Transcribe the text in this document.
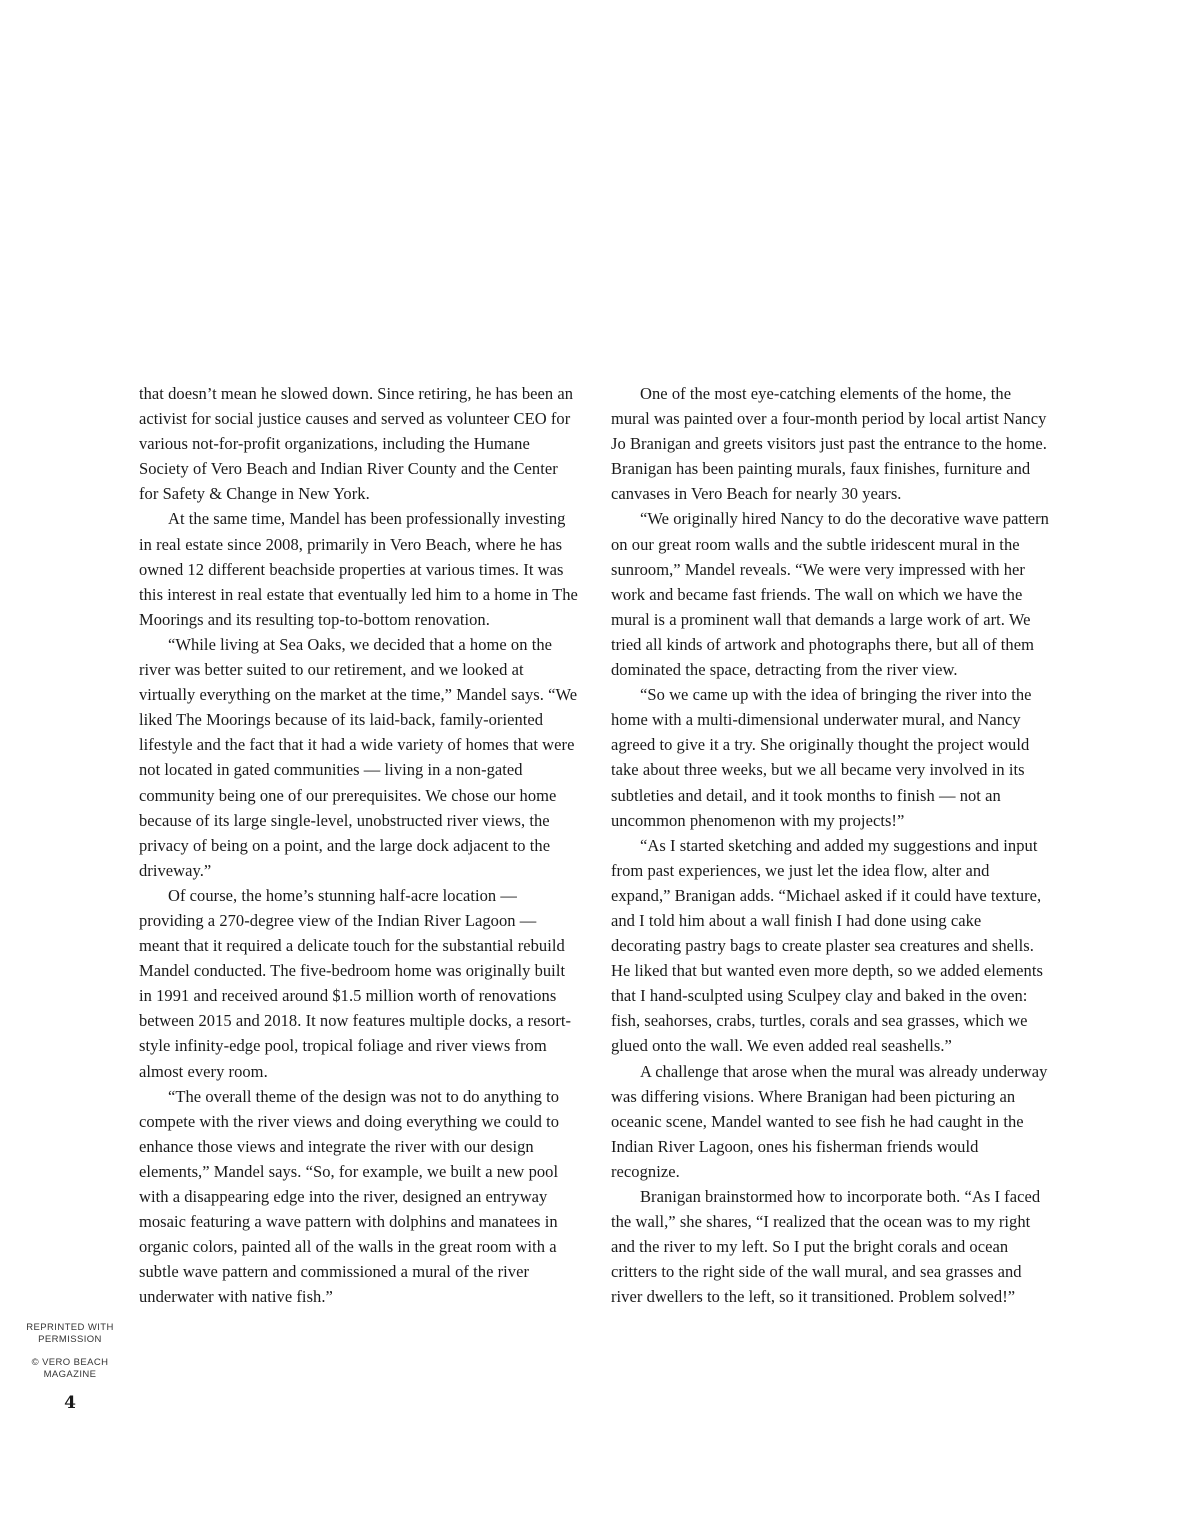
that doesn’t mean he slowed down. Since retiring, he has been an activist for social justice causes and served as volunteer CEO for various not-for-profit organizations, including the Humane Society of Vero Beach and Indian River County and the Center for Safety & Change in New York.

At the same time, Mandel has been professionally investing in real estate since 2008, primarily in Vero Beach, where he has owned 12 different beachside properties at various times. It was this interest in real estate that eventually led him to a home in The Moorings and its resulting top-to-bottom renovation.

“While living at Sea Oaks, we decided that a home on the river was better suited to our retirement, and we looked at virtually everything on the market at the time,” Mandel says. “We liked The Moorings because of its laid-back, family-oriented lifestyle and the fact that it had a wide variety of homes that were not located in gated communities — living in a non-gated community being one of our prerequisites. We chose our home because of its large single-level, unobstructed river views, the privacy of being on a point, and the large dock adjacent to the driveway.”

Of course, the home’s stunning half-acre location — providing a 270-degree view of the Indian River Lagoon — meant that it required a delicate touch for the substantial rebuild Mandel conducted. The five-bedroom home was originally built in 1991 and received around $1.5 million worth of renovations between 2015 and 2018. It now features multiple docks, a resort-style infinity-edge pool, tropical foliage and river views from almost every room.

“The overall theme of the design was not to do anything to compete with the river views and doing everything we could to enhance those views and integrate the river with our design elements,” Mandel says. “So, for example, we built a new pool with a disappearing edge into the river, designed an entryway mosaic featuring a wave pattern with dolphins and manatees in organic colors, painted all of the walls in the great room with a subtle wave pattern and commissioned a mural of the river underwater with native fish.”

One of the most eye-catching elements of the home, the mural was painted over a four-month period by local artist Nancy Jo Branigan and greets visitors just past the entrance to the home. Branigan has been painting murals, faux finishes, furniture and canvases in Vero Beach for nearly 30 years.

“We originally hired Nancy to do the decorative wave pattern on our great room walls and the subtle iridescent mural in the sunroom,” Mandel reveals. “We were very impressed with her work and became fast friends. The wall on which we have the mural is a prominent wall that demands a large work of art. We tried all kinds of artwork and photographs there, but all of them dominated the space, detracting from the river view.

“So we came up with the idea of bringing the river into the home with a multi-dimensional underwater mural, and Nancy agreed to give it a try. She originally thought the project would take about three weeks, but we all became very involved in its subtleties and detail, and it took months to finish — not an uncommon phenomenon with my projects!”

“As I started sketching and added my suggestions and input from past experiences, we just let the idea flow, alter and expand,” Branigan adds. “Michael asked if it could have texture, and I told him about a wall finish I had done using cake decorating pastry bags to create plaster sea creatures and shells. He liked that but wanted even more depth, so we added elements that I hand-sculpted using Sculpey clay and baked in the oven: fish, seahorses, crabs, turtles, corals and sea grasses, which we glued onto the wall. We even added real seashells.”

A challenge that arose when the mural was already underway was differing visions. Where Branigan had been picturing an oceanic scene, Mandel wanted to see fish he had caught in the Indian River Lagoon, ones his fisherman friends would recognize.

Branigan brainstormed how to incorporate both. “As I faced the wall,” she shares, “I realized that the ocean was to my right and the river to my left. So I put the bright corals and ocean critters to the right side of the wall mural, and sea grasses and river dwellers to the left, so it transitioned. Problem solved!”

REPRINTED WITH PERMISSION
© VERO BEACH MAGAZINE
4
